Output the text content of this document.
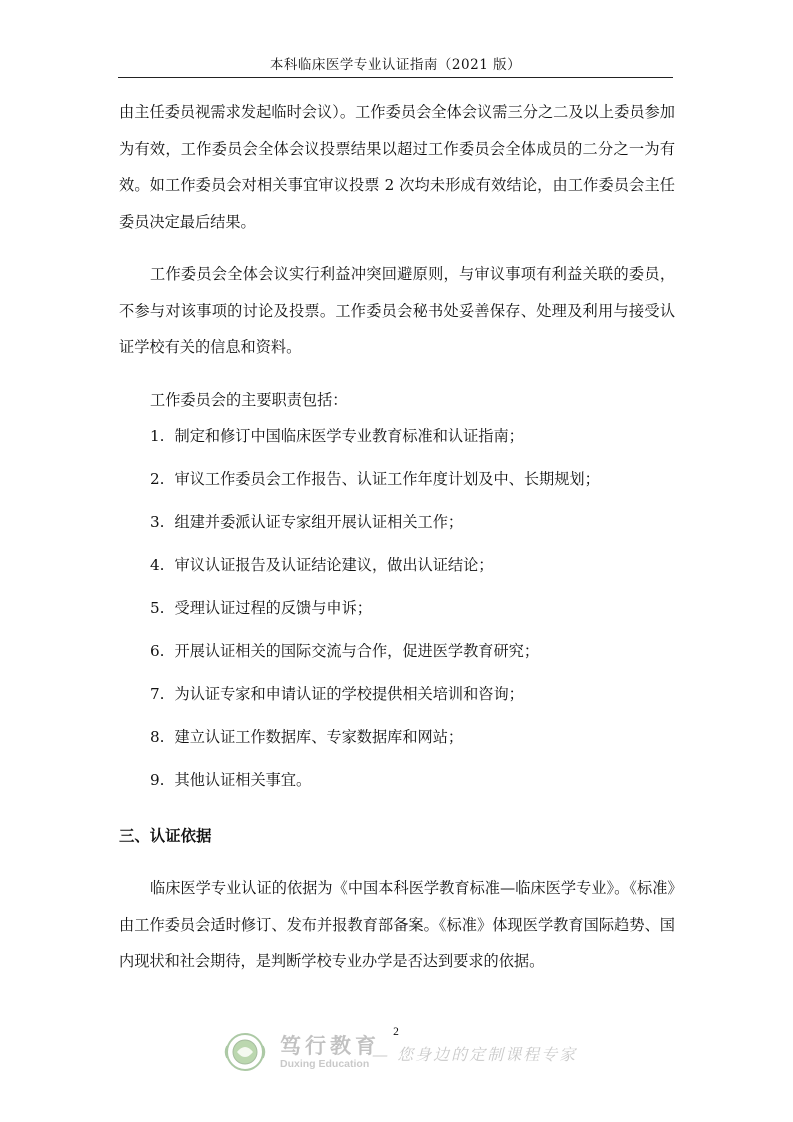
本科临床医学专业认证指南（2021 版）

由主任委员视需求发起临时会议）。工作委员会全体会议需三分之二及以上委员参加为有效，工作委员会全体会议投票结果以超过工作委员会全体成员的二分之一为有效。如工作委员会对相关事宜审议投票 2 次均未形成有效结论，由工作委员会主任委员决定最后结果。

工作委员会全体会议实行利益冲突回避原则，与审议事项有利益关联的委员，不参与对该事项的讨论及投票。工作委员会秘书处妥善保存、处理及利用与接受认证学校有关的信息和资料。

工作委员会的主要职责包括：

1. 制定和修订中国临床医学专业教育标准和认证指南；
2. 审议工作委员会工作报告、认证工作年度计划及中、长期规划；
3. 组建并委派认证专家组开展认证相关工作；
4. 审议认证报告及认证结论建议，做出认证结论；
5. 受理认证过程的反馈与申诉；
6. 开展认证相关的国际交流与合作，促进医学教育研究；
7. 为认证专家和申请认证的学校提供相关培训和咨询；
8. 建立认证工作数据库、专家数据库和网站；
9. 其他认证相关事宜。
三、认证依据

临床医学专业认证的依据为《中国本科医学教育标准—临床医学专业》。《标准》由工作委员会适时修订、发布并报教育部备案。《标准》体现医学教育国际趋势、国内现状和社会期待，是判断学校专业办学是否达到要求的依据。

2
笃行教育
Duxing Education — 您身边的定制课程专家
